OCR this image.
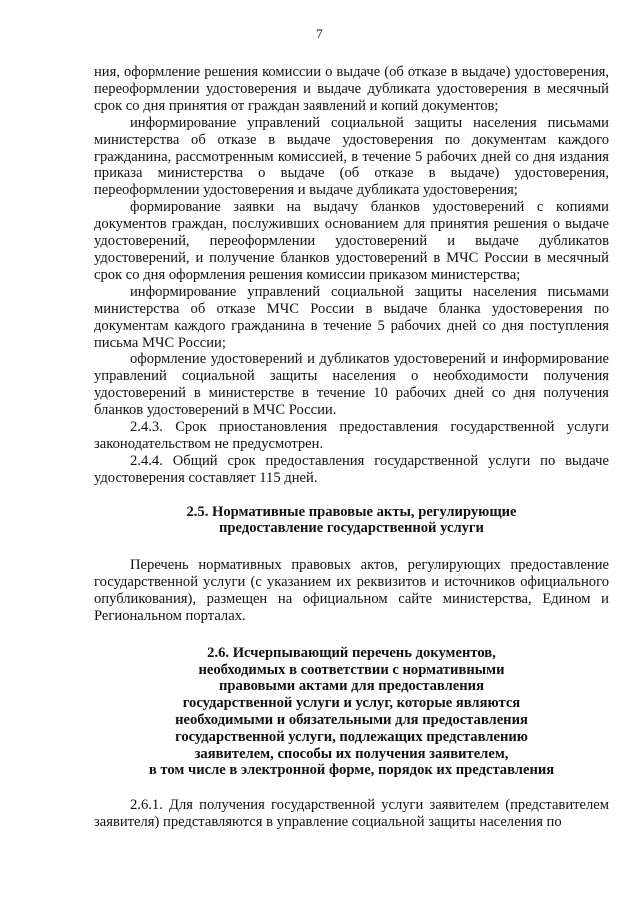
7

ния, оформление решения комиссии о выдаче (об отказе в выдаче) удостоверения, переоформлении удостоверения и выдаче дубликата удостоверения в месячный срок со дня принятия от граждан заявлений и копий документов;

информирование управлений социальной защиты населения письмами министерства об отказе в выдаче удостоверения по документам каждого гражданина, рассмотренным комиссией, в течение 5 рабочих дней со дня издания приказа министерства о выдаче (об отказе в выдаче) удостоверения, переоформлении удостоверения и выдаче дубликата удостоверения;

формирование заявки на выдачу бланков удостоверений с копиями документов граждан, послуживших основанием для принятия решения о выдаче удостоверений, переоформлении удостоверений и выдаче дубликатов удостоверений, и получение бланков удостоверений в МЧС России в месячный срок со дня оформления решения комиссии приказом министерства;

информирование управлений социальной защиты населения письмами министерства об отказе МЧС России в выдаче бланка удостоверения по документам каждого гражданина в течение 5 рабочих дней со дня поступления письма МЧС России;

оформление удостоверений и дубликатов удостоверений и информирование управлений социальной защиты населения о необходимости получения удостоверений в министерстве в течение 10 рабочих дней со дня получения бланков удостоверений в МЧС России.

2.4.3. Срок приостановления предоставления государственной услуги законодательством не предусмотрен.

2.4.4. Общий срок предоставления государственной услуги по выдаче удостоверения составляет 115 дней.

2.5. Нормативные правовые акты, регулирующие
предоставление государственной услуги

Перечень нормативных правовых актов, регулирующих предоставление государственной услуги (с указанием их реквизитов и источников официального опубликования), размещен на официальном сайте министерства, Едином и Региональном порталах.

2.6. Исчерпывающий перечень документов,
необходимых в соответствии с нормативными
правовыми актами для предоставления
государственной услуги и услуг, которые являются
необходимыми и обязательными для предоставления
государственной услуги, подлежащих представлению
заявителем, способы их получения заявителем,
в том числе в электронной форме, порядок их представления

2.6.1. Для получения государственной услуги заявителем (представителем заявителя) представляются в управление социальной защиты населения по
